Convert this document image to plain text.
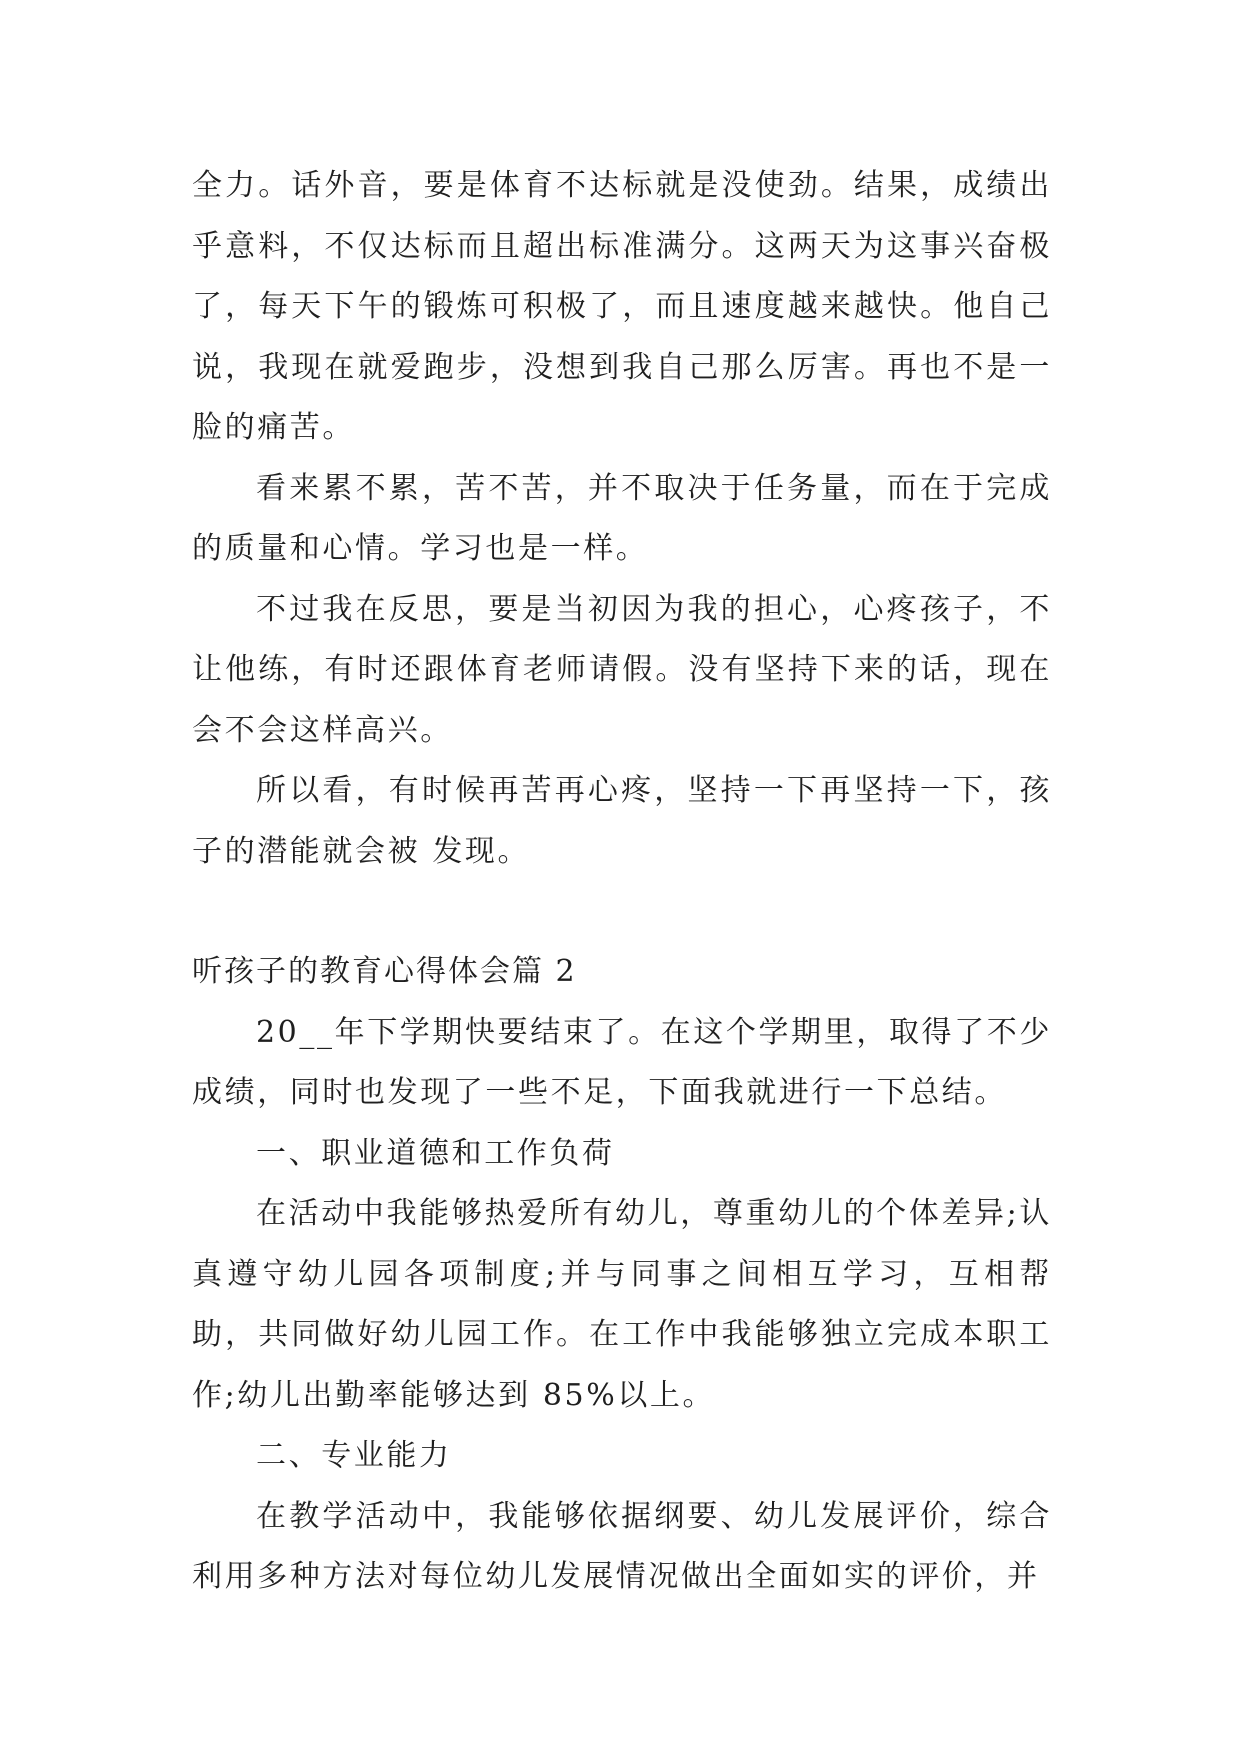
全力。话外音，要是体育不达标就是没使劲。结果，成绩出乎意料，不仅达标而且超出标准满分。这两天为这事兴奋极了，每天下午的锻炼可积极了，而且速度越来越快。他自己说，我现在就爱跑步，没想到我自己那么厉害。再也不是一脸的痛苦。

看来累不累，苦不苦，并不取决于任务量，而在于完成的质量和心情。学习也是一样。

不过我在反思，要是当初因为我的担心，心疼孩子，不让他练，有时还跟体育老师请假。没有坚持下来的话，现在会不会这样高兴。

所以看，有时候再苦再心疼，坚持一下再坚持一下，孩子的潜能就会被 发现。

听孩子的教育心得体会篇 2

20__年下学期快要结束了。在这个学期里，取得了不少成绩，同时也发现了一些不足，下面我就进行一下总结。

一、职业道德和工作负荷

在活动中我能够热爱所有幼儿，尊重幼儿的个体差异;认真遵守幼儿园各项制度;并与同事之间相互学习，互相帮助，共同做好幼儿园工作。在工作中我能够独立完成本职工作;幼儿出勤率能够达到 85%以上。

二、专业能力

在教学活动中，我能够依据纲要、幼儿发展评价，综合利用多种方法对每位幼儿发展情况做出全面如实的评价，并
